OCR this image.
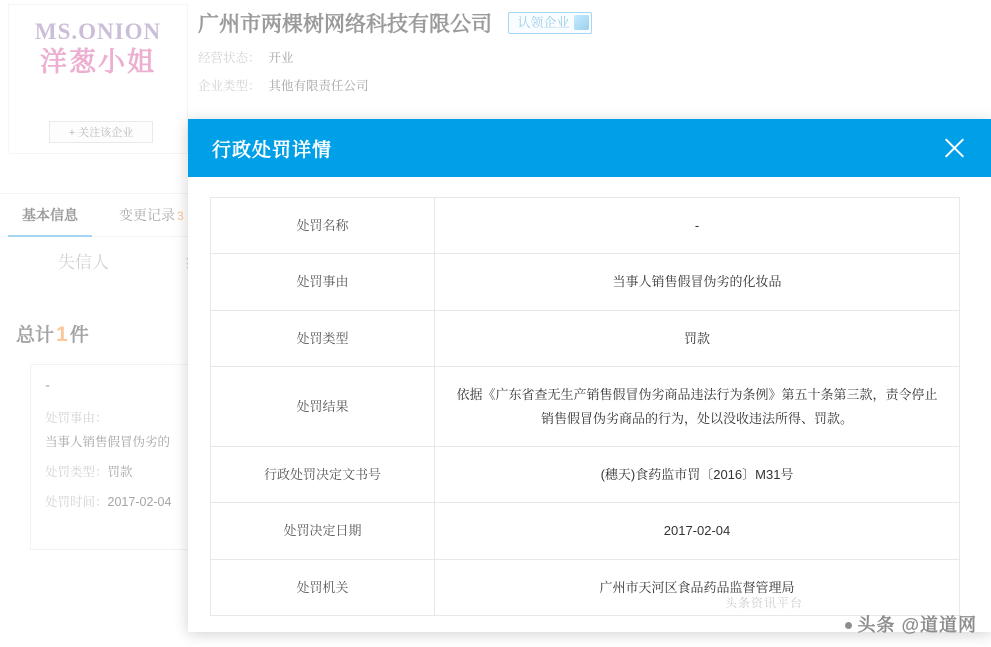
行政处罚详情
处罚名称	-
处罚事由	当事人销售假冒伪劣的化妆品
处罚类型	罚款
处罚结果	依据《广东省查无生产销售假冒伪劣商品违法行为条例》第五十条第三款，责令停止销售假冒伪劣商品的行为，处以没收违法所得、罚款。
行政处罚决定文书号	(穗天)食药监市罚〔2016〕M31号
处罚决定日期	2017-02-04
处罚机关	广州市天河区食品药品监督管理局
头条资讯平台
头条 @道道网
